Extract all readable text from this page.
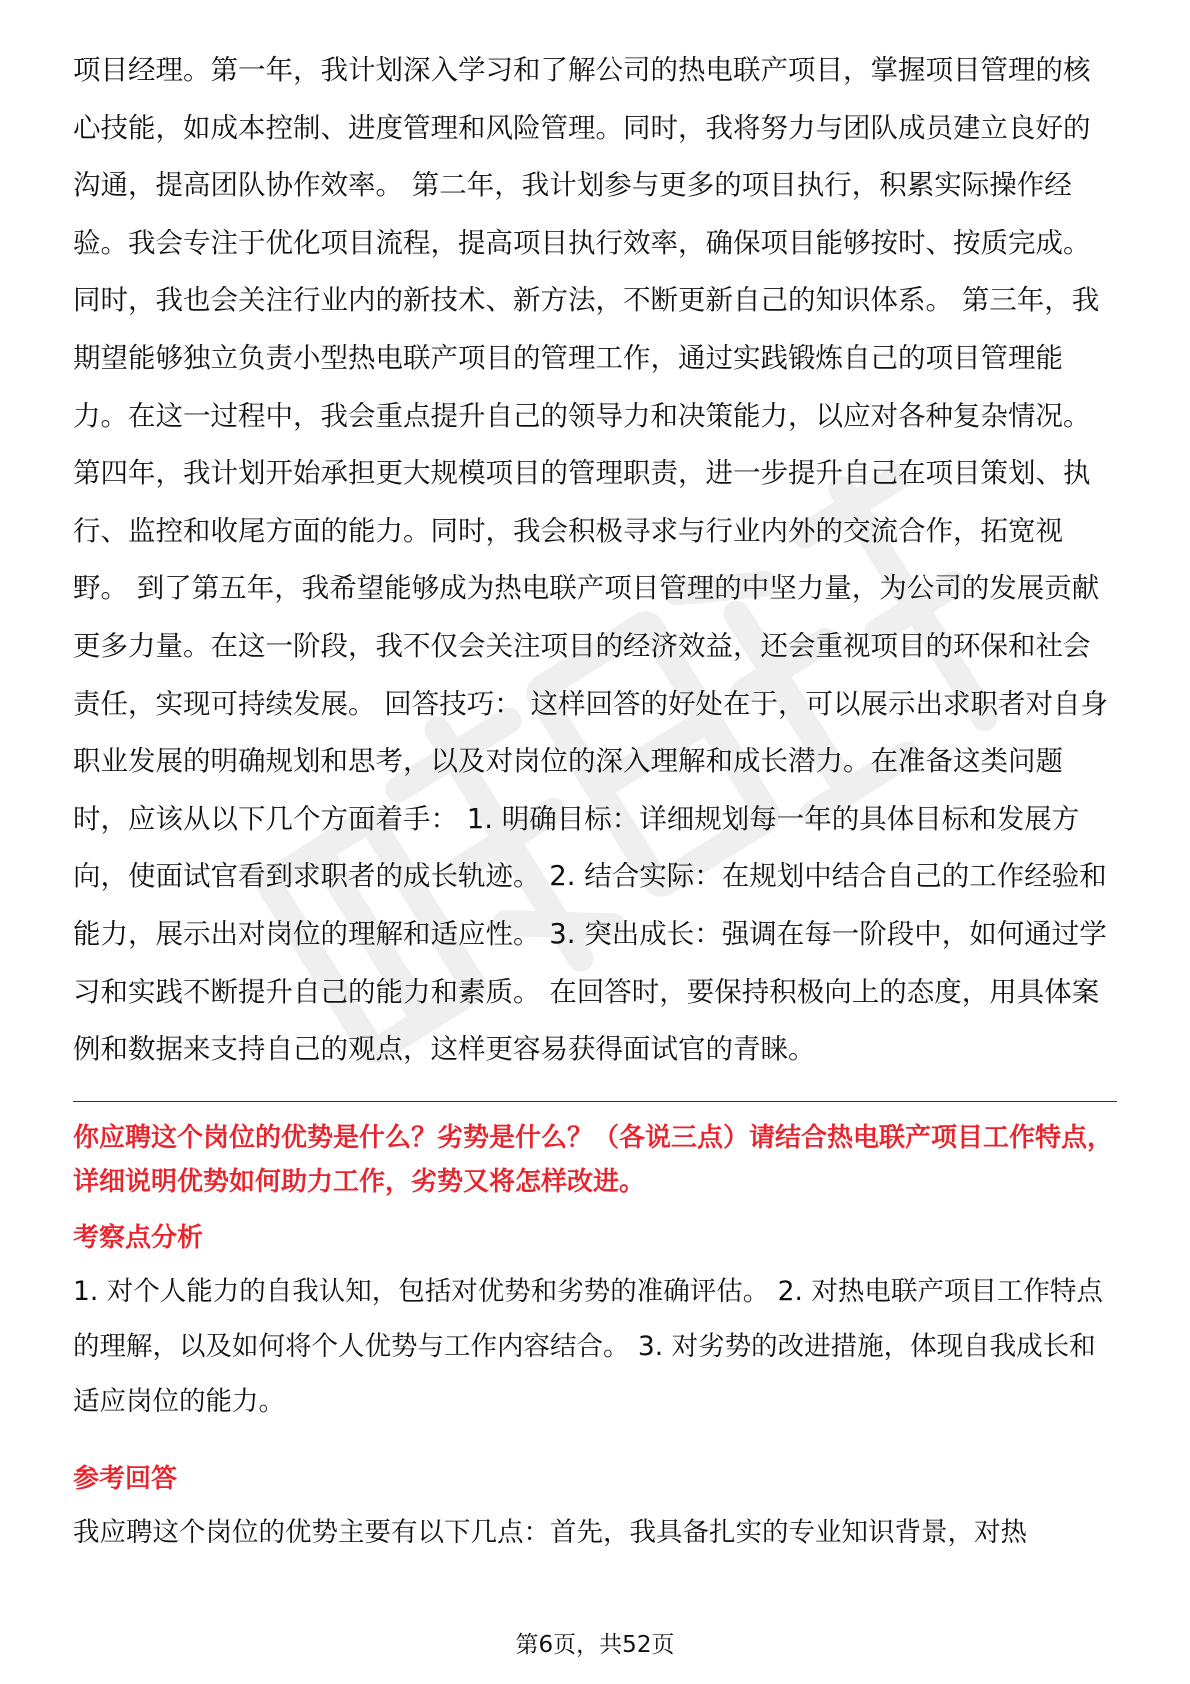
项目经理。第一年，我计划深入学习和了解公司的热电联产项目，掌握项目管理的核心技能，如成本控制、进度管理和风险管理。同时，我将努力与团队成员建立良好的沟通，提高团队协作效率。 第二年，我计划参与更多的项目执行，积累实际操作经验。我会专注于优化项目流程，提高项目执行效率，确保项目能够按时、按质完成。同时，我也会关注行业内的新技术、新方法，不断更新自己的知识体系。 第三年，我期望能够独立负责小型热电联产项目的管理工作，通过实践锻炼自己的项目管理能力。在这一过程中，我会重点提升自己的领导力和决策能力，以应对各种复杂情况。 第四年，我计划开始承担更大规模项目的管理职责，进一步提升自己在项目策划、执行、监控和收尾方面的能力。同时，我会积极寻求与行业内外的交流合作，拓宽视野。 到了第五年，我希望能够成为热电联产项目管理的中坚力量，为公司的发展贡献更多力量。在这一阶段，我不仅会关注项目的经济效益，还会重视项目的环保和社会责任，实现可持续发展。 回答技巧： 这样回答的好处在于，可以展示出求职者对自身职业发展的明确规划和思考，以及对岗位的深入理解和成长潜力。在准备这类问题时，应该从以下几个方面着手： 1. 明确目标：详细规划每一年的具体目标和发展方向，使面试官看到求职者的成长轨迹。 2. 结合实际：在规划中结合自己的工作经验和能力，展示出对岗位的理解和适应性。 3. 突出成长：强调在每一阶段中，如何通过学习和实践不断提升自己的能力和素质。 在回答时，要保持积极向上的态度，用具体案例和数据来支持自己的观点，这样更容易获得面试官的青睐。

你应聘这个岗位的优势是什么？劣势是什么？（各说三点）请结合热电联产项目工作特点，详细说明优势如何助力工作，劣势又将怎样改进。

考察点分析

1. 对个人能力的自我认知，包括对优势和劣势的准确评估。 2. 对热电联产项目工作特点的理解，以及如何将个人优势与工作内容结合。 3. 对劣势的改进措施，体现自我成长和适应岗位的能力。

参考回答

我应聘这个岗位的优势主要有以下几点：首先，我具备扎实的专业知识背景，对热

第6页，共52页
